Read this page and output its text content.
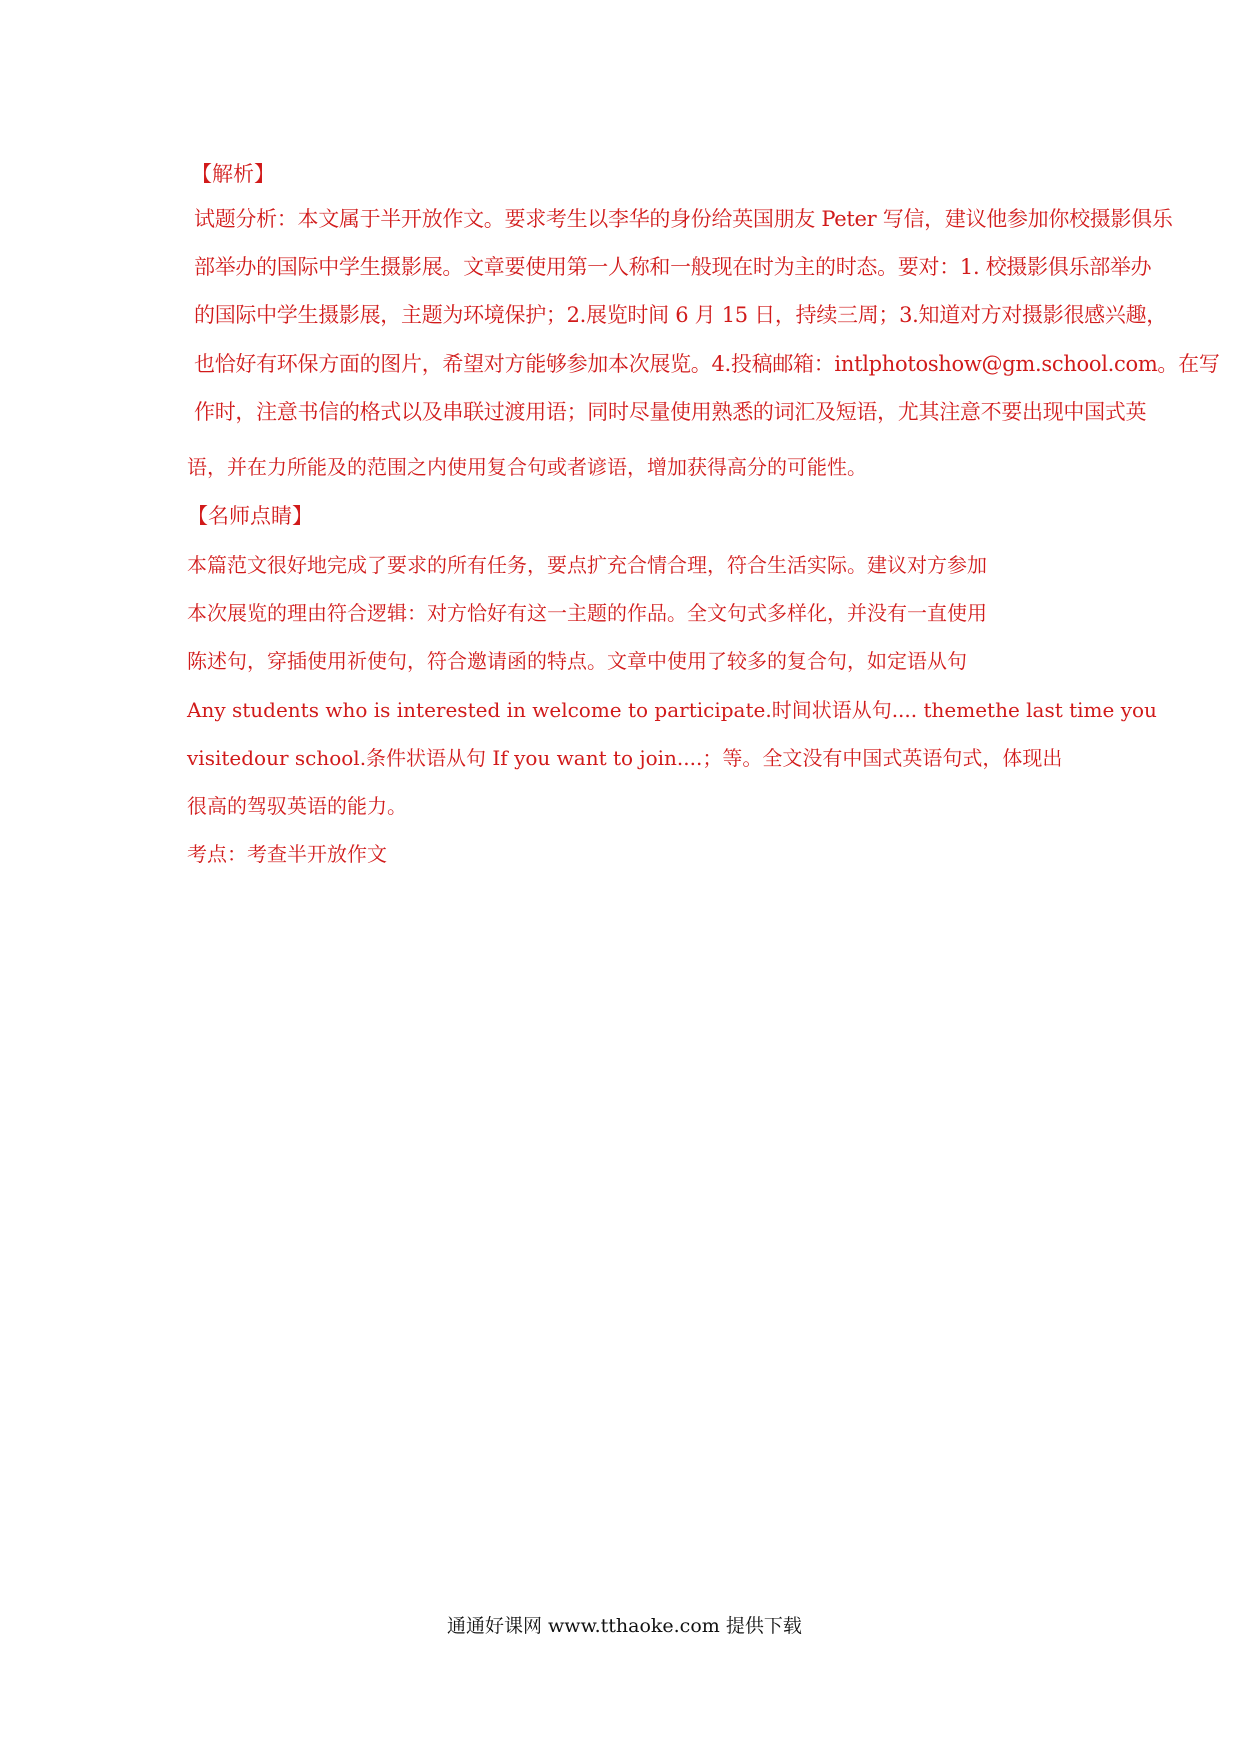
【解析】
试题分析：本文属于半开放作文。要求考生以李华的身份给英国朋友 Peter 写信，建议他参加你校摄影俱乐
部举办的国际中学生摄影展。文章要使用第一人称和一般现在时为主的时态。要对：1. 校摄影俱乐部举办
的国际中学生摄影展，主题为环境保护；2.展览时间 6 月 15 日，持续三周；3.知道对方对摄影很感兴趣，
也恰好有环保方面的图片，希望对方能够参加本次展览。4.投稿邮箱：intlphotoshow@gm.school.com。在写
作时，注意书信的格式以及串联过渡用语；同时尽量使用熟悉的词汇及短语，尤其注意不要出现中国式英
语，并在力所能及的范围之内使用复合句或者谚语，增加获得高分的可能性。
【名师点睛】
本篇范文很好地完成了要求的所有任务，要点扩充合情合理，符合生活实际。建议对方参加
本次展览的理由符合逻辑：对方恰好有这一主题的作品。全文句式多样化，并没有一直使用
陈述句，穿插使用祈使句，符合邀请函的特点。文章中使用了较多的复合句，如定语从句
Any students who is interested in welcome to participate.时间状语从句.... themethe last time you
visitedour school.条件状语从句 If you want to join....；等。全文没有中国式英语句式，体现出
很高的驾驭英语的能力。
考点：考查半开放作文
通通好课网 www.tthaoke.com 提供下载
